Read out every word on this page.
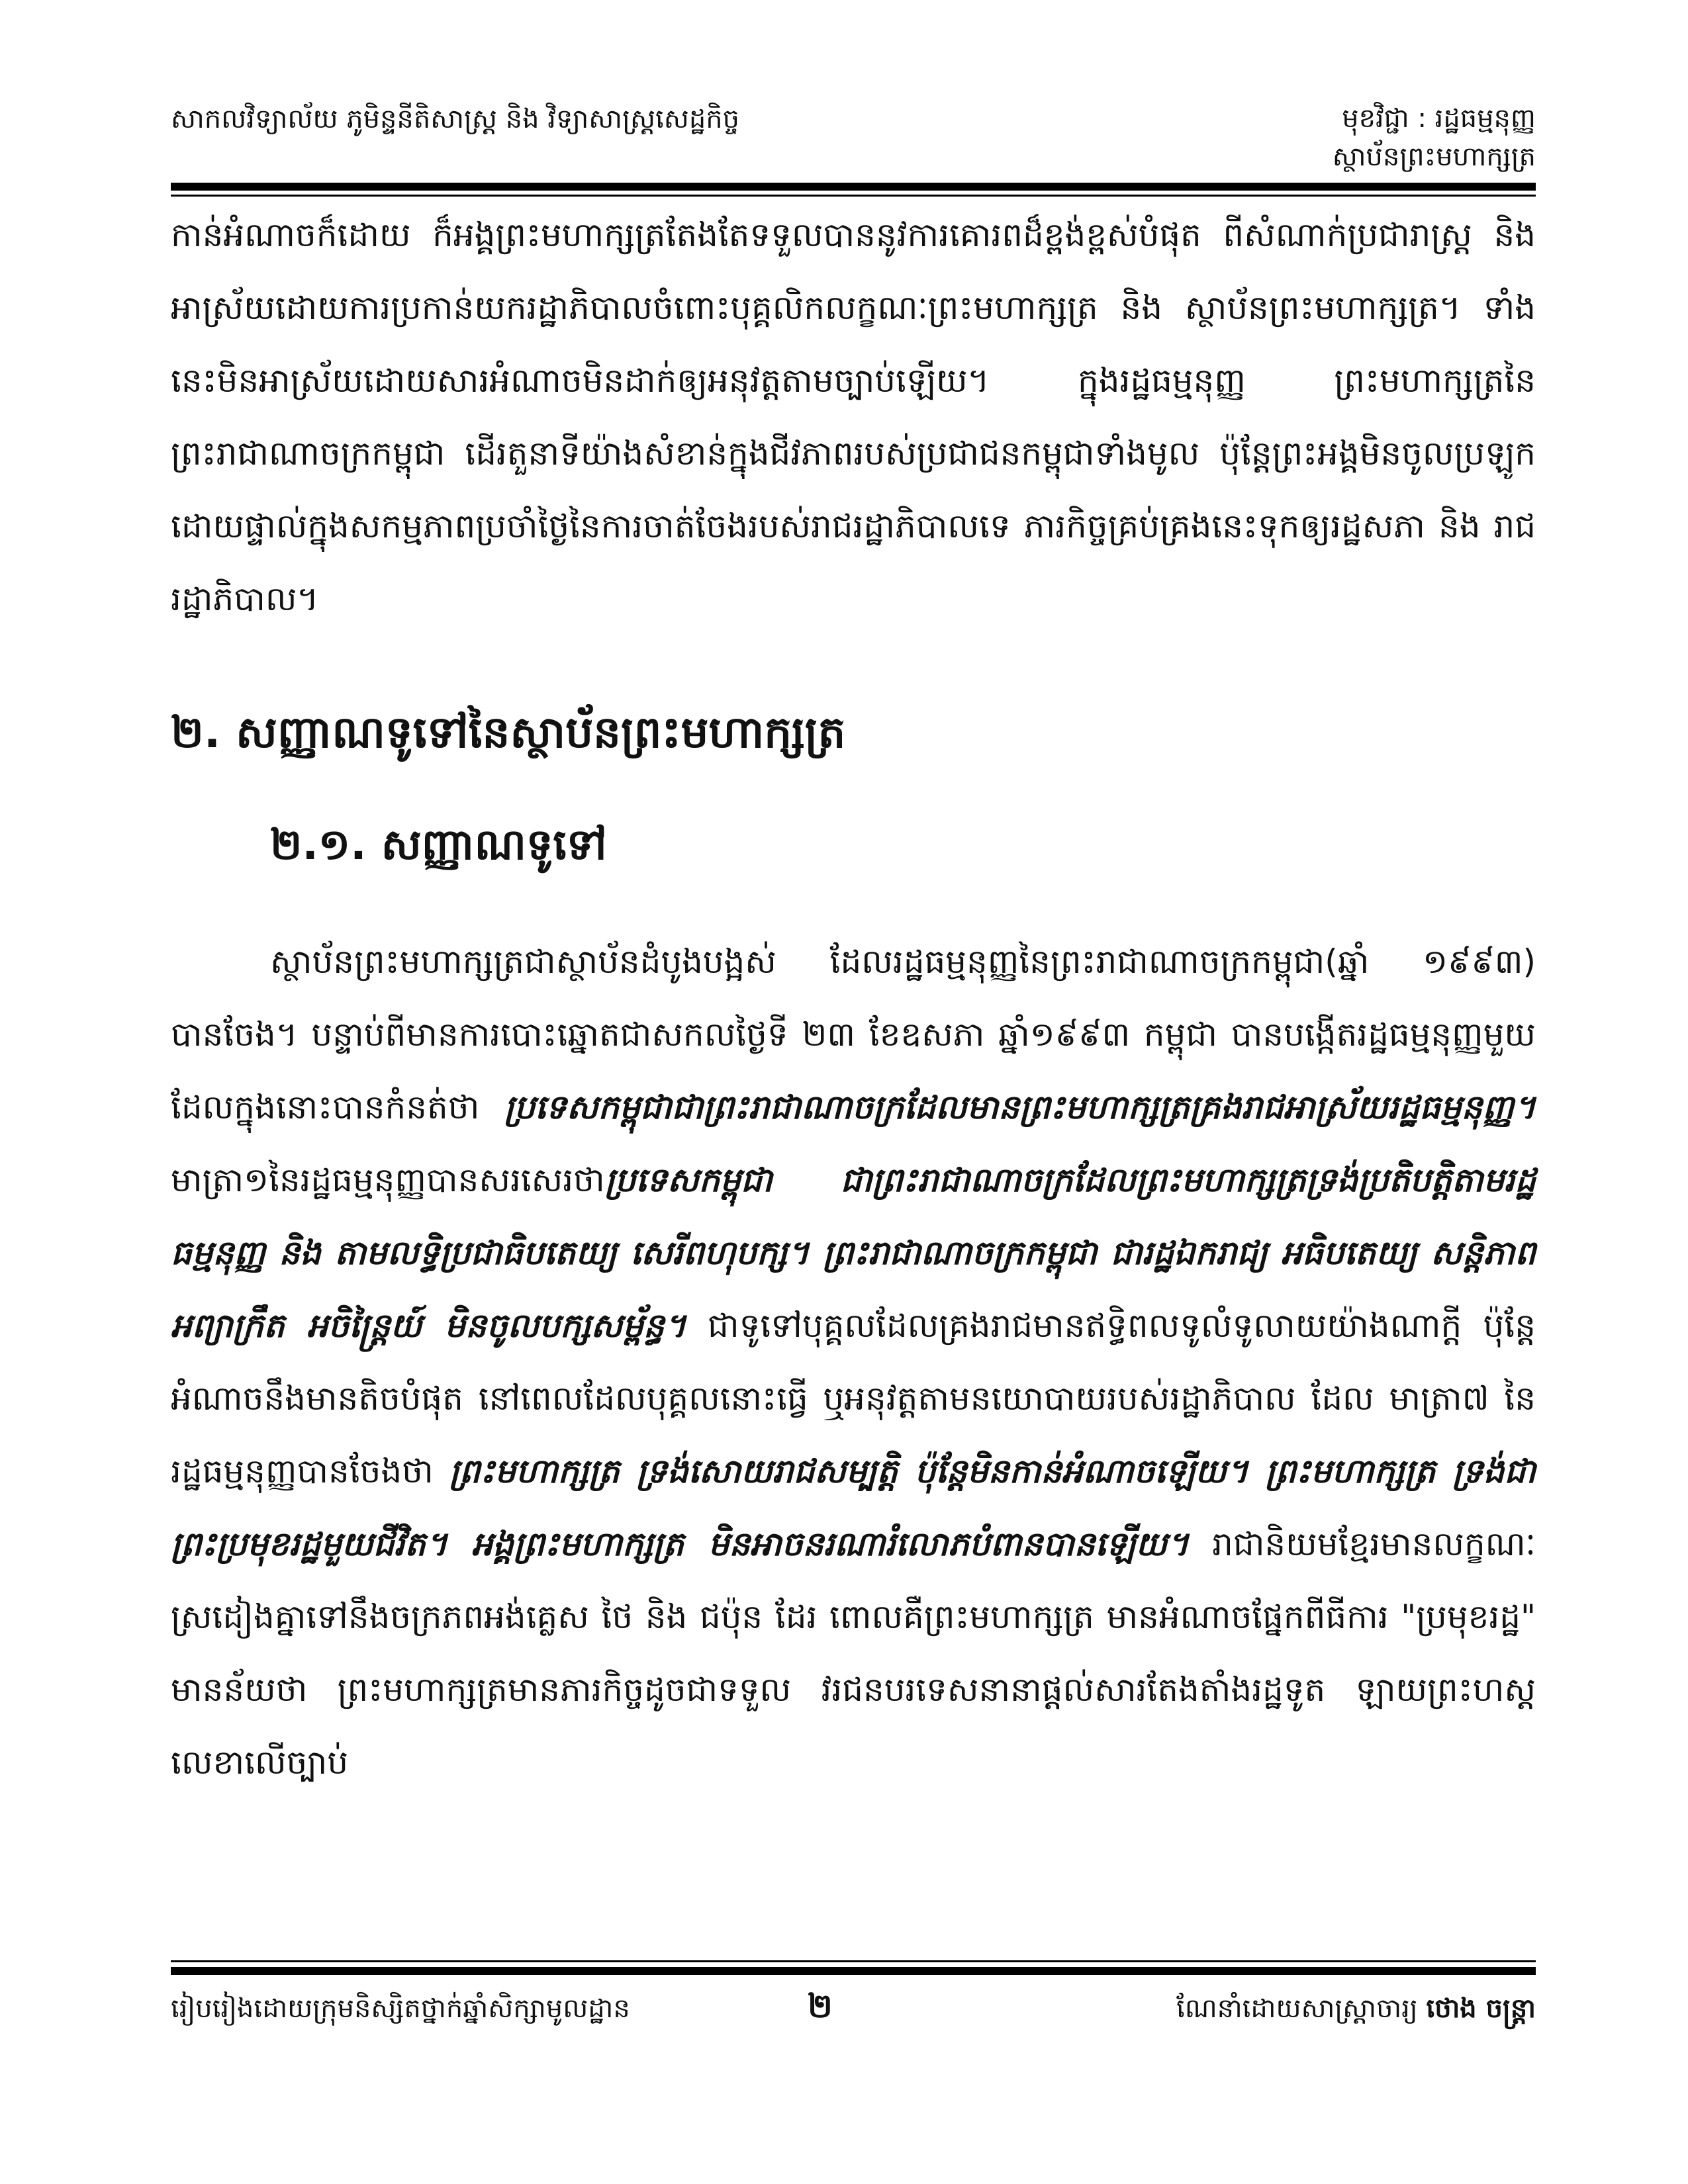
សាកលវិទ្យាល័យ ភូមិន្ទនីតិសាស្ត្រ និង វិទ្យាសាស្ត្រសេដ្ឋកិច្ច	មុខវិជ្ជា : រដ្ឋធម្មនុញ្ញ
ស្ថាប័នព្រះមហាក្សត្រ

កាន់អំណាចក៏ដោយ ក៏អង្គព្រះមហាក្សត្រតែងតែទទួលបាននូវការគោរពដ៏ខ្ពង់ខ្ពស់បំផុត ពីសំណាក់ប្រជារាស្ត្រ និង អាស្រ័យដោយការប្រកាន់យករដ្ឋាភិបាលចំពោះបុគ្គលិកលក្ខណៈព្រះមហាក្សត្រ និង ស្ថាប័នព្រះមហាក្សត្រ។ ទាំងនេះមិនអាស្រ័យដោយសារអំណាចមិនដាក់ឲ្យអនុវត្តតាមច្បាប់ឡើយ។ ក្នុងរដ្ឋធម្មនុញ្ញ ព្រះមហាក្សត្រនៃព្រះរាជាណាចក្រកម្ពុជា ដើរតួនាទីយ៉ាងសំខាន់ក្នុងជីវភាពរបស់ប្រជាជនកម្ពុជាទាំងមូល ប៉ុន្តែព្រះអង្គមិនចូលប្រឡូកដោយផ្ទាល់ក្នុងសកម្មភាពប្រចាំថ្ងៃនៃការចាត់ចែងរបស់រាជរដ្ឋាភិបាលទេ ភារកិច្ចគ្រប់គ្រងនេះទុកឲ្យរដ្ឋសភា និង រាជរដ្ឋាភិបាល។

២. សញ្ញាណទូទៅនៃស្ថាប័នព្រះមហាក្សត្រ
២.១. សញ្ញាណទូទៅ

ស្ថាប័នព្រះមហាក្សត្រជាស្ថាប័នដំបូងបង្អស់ ដែលរដ្ឋធម្មនុញ្ញនៃព្រះរាជាណាចក្រកម្ពុជា(ឆ្នាំ ១៩៩៣) បានចែង។ បន្ទាប់ពីមានការបោះឆ្នោតជាសកលថ្ងៃទី ២៣ ខែឧសភា ឆ្នាំ១៩៩៣ កម្ពុជា បានបង្កើតរដ្ឋធម្មនុញ្ញមួយដែលក្នុងនោះបានកំនត់ថា ប្រទេសកម្ពុជាជាព្រះរាជាណាចក្រដែលមានព្រះមហាក្សត្រគ្រងរាជអាស្រ័យរដ្ឋធម្មនុញ្ញ។ មាត្រា១នៃរដ្ឋធម្មនុញ្ញបានសរសេរថាប្រទេសកម្ពុជា ជាព្រះរាជាណាចក្រដែលព្រះមហាក្សត្រទ្រង់ប្រតិបត្តិតាមរដ្ឋធម្មនុញ្ញ និង តាមលទ្ធិប្រជាធិបតេយ្យ សេរីពហុបក្ស។ ព្រះរាជាណាចក្រកម្ពុជា ជារដ្ឋឯករាជ្យ អធិបតេយ្យ សន្តិភាព អព្យាក្រឹត អចិន្ត្រៃយ៍ មិនចូលបក្សសម្ព័ន្ធ។ ជាទូទៅបុគ្គលដែលគ្រងរាជមានឥទ្ធិពលទូលំទូលាយយ៉ាងណាក្តី ប៉ុន្តែអំណាចនឹងមានតិចបំផុត នៅពេលដែលបុគ្គលនោះធ្វើ ឬអនុវត្តតាមនយោបាយរបស់រដ្ឋាភិបាល ដែល មាត្រា៧ នៃរដ្ឋធម្មនុញ្ញបានចែងថា ព្រះមហាក្សត្រ ទ្រង់សោយរាជសម្បត្តិ ប៉ុន្តែមិនកាន់អំណាចឡើយ។ ព្រះមហាក្សត្រ ទ្រង់ជាព្រះប្រមុខរដ្ឋមួយជីវិត។ អង្គព្រះមហាក្សត្រ មិនអាចនរណារំលោភបំពានបានឡើយ។ រាជានិយមខ្មែរមានលក្ខណៈស្រដៀងគ្នាទៅនឹងចក្រភពអង់គ្លេស ថៃ និង ជប៉ុន ដែរ ពោលគឺព្រះមហាក្សត្រ មានអំណាចផ្នែកពីធីការ "ប្រមុខរដ្ឋ" មានន័យថា ព្រះមហាក្សត្រមានភារកិច្ចដូចជាទទួល វរជនបរទេសនានាផ្តល់សារតែងតាំងរដ្ឋទូត ឡាយព្រះហស្តលេខាលើច្បាប់

រៀបរៀងដោយក្រុមនិស្សិតថ្នាក់ឆ្នាំសិក្សាមូលដ្ឋាន	២	ណែនាំដោយសាស្ត្រាចារ្យ ថោង ចន្ត្រា
